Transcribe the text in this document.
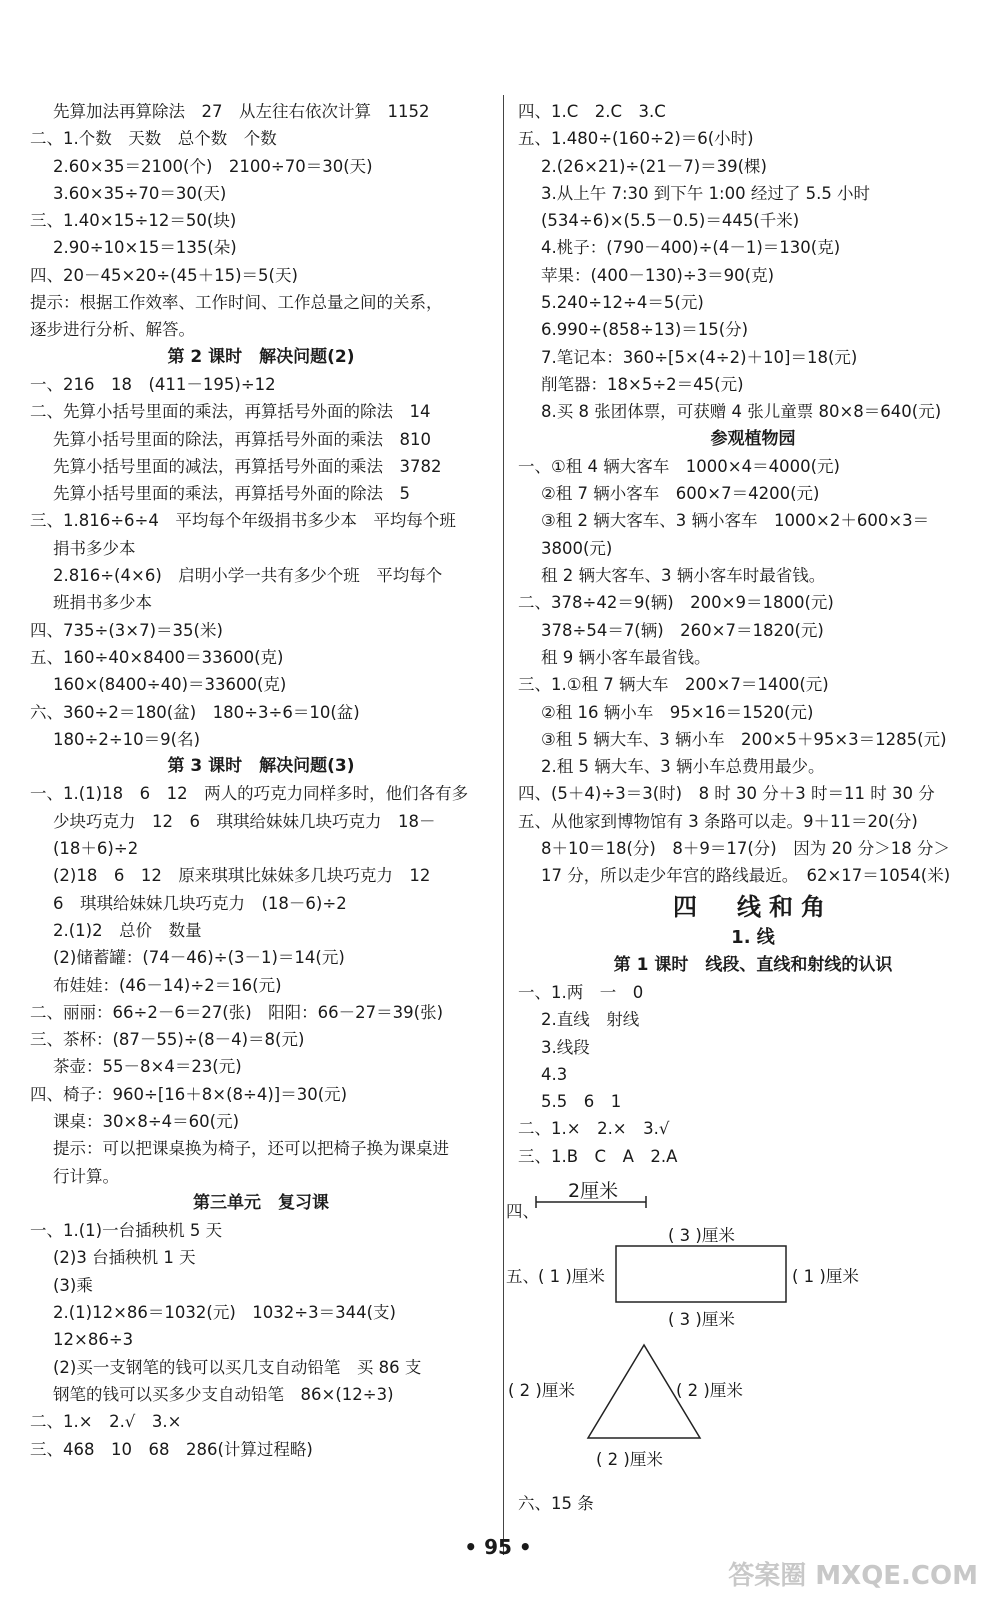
先算加法再算除法　27　从左往右依次计算　1152
二、1.个数　天数　总个数　个数
2.60×35＝2100(个)　2100÷70＝30(天)
3.60×35÷70＝30(天)
三、1.40×15÷12＝50(块)
2.90÷10×15＝135(朵)
四、20－45×20÷(45＋15)＝5(天)
提示：根据工作效率、工作时间、工作总量之间的关系，
逐步进行分析、解答。
第 2 课时　解决问题(2)
一、216　18　(411－195)÷12
二、先算小括号里面的乘法，再算括号外面的除法　14
先算小括号里面的除法，再算括号外面的乘法　810
先算小括号里面的减法，再算括号外面的乘法　3782
先算小括号里面的乘法，再算括号外面的除法　5
三、1.816÷6÷4　平均每个年级捐书多少本　平均每个班
捐书多少本
2.816÷(4×6)　启明小学一共有多少个班　平均每个
班捐书多少本
四、735÷(3×7)＝35(米)
五、160÷40×8400＝33600(克)
160×(8400÷40)＝33600(克)
六、360÷2＝180(盆)　180÷3÷6＝10(盆)
180÷2÷10＝9(名)
第 3 课时　解决问题(3)
一、1.(1)18　6　12　两人的巧克力同样多时，他们各有多
少块巧克力　12　6　琪琪给妹妹几块巧克力　18－
(18＋6)÷2
(2)18　6　12　原来琪琪比妹妹多几块巧克力　12
6　琪琪给妹妹几块巧克力　(18－6)÷2
2.(1)2　总价　数量
(2)储蓄罐：(74－46)÷(3－1)＝14(元)
布娃娃：(46－14)÷2＝16(元)
二、丽丽：66÷2－6＝27(张)　阳阳：66－27＝39(张)
三、茶杯：(87－55)÷(8－4)＝8(元)
茶壶：55－8×4＝23(元)
四、椅子：960÷[16＋8×(8÷4)]＝30(元)
课桌：30×8÷4＝60(元)
提示：可以把课桌换为椅子，还可以把椅子换为课桌进
行计算。
第三单元　复习课
一、1.(1)一台插秧机 5 天
(2)3 台插秧机 1 天
(3)乘
2.(1)12×86＝1032(元)　1032÷3＝344(支)
12×86÷3
(2)买一支钢笔的钱可以买几支自动铅笔　买 86 支
钢笔的钱可以买多少支自动铅笔　86×(12÷3)
二、1.×　2.√　3.×
三、468　10　68　286(计算过程略)
四、1.C　2.C　3.C
五、1.480÷(160÷2)＝6(小时)
2.(26×21)÷(21－7)＝39(棵)
3.从上午 7:30 到下午 1:00 经过了 5.5 小时
(534÷6)×(5.5－0.5)＝445(千米)
4.桃子：(790－400)÷(4－1)＝130(克)
苹果：(400－130)÷3＝90(克)
5.240÷12÷4＝5(元)
6.990÷(858÷13)＝15(分)
7.笔记本：360÷[5×(4÷2)＋10]＝18(元)
削笔器：18×5÷2＝45(元)
8.买 8 张团体票，可获赠 4 张儿童票 80×8＝640(元)
参观植物园
一、①租 4 辆大客车　1000×4＝4000(元)
②租 7 辆小客车　600×7＝4200(元)
③租 2 辆大客车、3 辆小客车　1000×2＋600×3＝
3800(元)
租 2 辆大客车、3 辆小客车时最省钱。
二、378÷42＝9(辆)　200×9＝1800(元)
378÷54＝7(辆)　260×7＝1820(元)
租 9 辆小客车最省钱。
三、1.①租 7 辆大车　200×7＝1400(元)
②租 16 辆小车　95×16＝1520(元)
③租 5 辆大车、3 辆小车　200×5＋95×3＝1285(元)
2.租 5 辆大车、3 辆小车总费用最少。
四、(5＋4)÷3＝3(时)　8 时 30 分＋3 时＝11 时 30 分
五、从他家到博物馆有 3 条路可以走。9＋11＝20(分)
8＋10＝18(分)　8＋9＝17(分)　因为 20 分＞18 分＞
17 分，所以走少年宫的路线最近。　62×17＝1054(米)
四　线和角
1. 线
第 1 课时　线段、直线和射线的认识
一、1.两　一　0
2.直线　射线
3.线段
4.3
5.5　6　1
二、1.×　2.×　3.√
三、1.B　C　A　2.A
四、
2厘米
( 3 )厘米
五、 ( 1 )厘米	( 1 )厘米
( 3 )厘米
( 2 )厘米	( 2 )厘米
( 2 )厘米
六、15 条
• 95 •
答案圈 MXQE.COM
